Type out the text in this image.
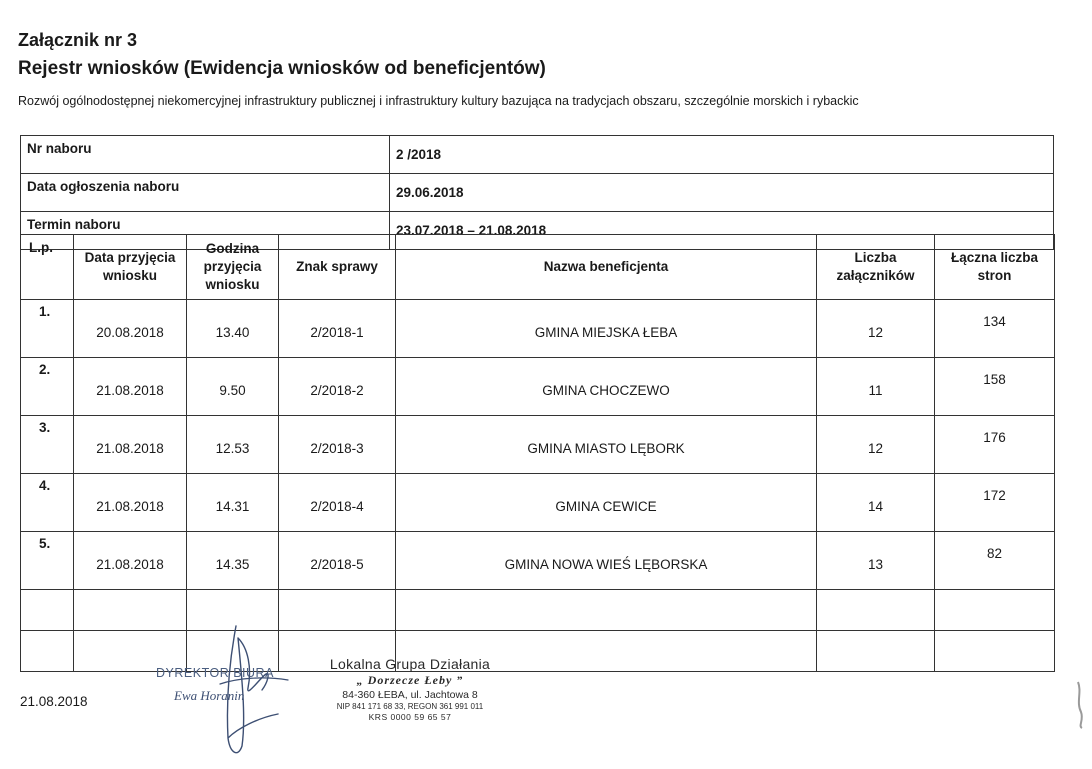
Załącznik nr 3
Rejestr wniosków (Ewidencja wniosków od beneficjentów)
Rozwój ogólnodostępnej niekomercyjnej infrastruktury publicznej i infrastruktury kultury bazująca na tradycjach obszaru, szczególnie morskich i rybackic
Nr naboru	2 /2018
Data ogłoszenia naboru	29.06.2018
Termin naboru	23.07.2018 – 21.08.2018
L.p.	Data przyjęcia wniosku	Godzina przyjęcia wniosku	Znak sprawy	Nazwa beneficjenta	Liczba załączników	Łączna liczba stron
1.	20.08.2018	13.40	2/2018-1	GMINA MIEJSKA ŁEBA	12	134
2.	21.08.2018	9.50	2/2018-2	GMINA CHOCZEWO	11	158
3.	21.08.2018	12.53	2/2018-3	GMINA MIASTO LĘBORK	12	176
4.	21.08.2018	14.31	2/2018-4	GMINA CEWICE	14	172
5.	21.08.2018	14.35	2/2018-5	GMINA NOWA WIEŚ LĘBORSKA	13	82

21.08.2018
DYREKTOR BIURA
Ewa Horanin
Lokalna Grupa Działania
„ Dorzecze Łeby ”
84-360 ŁEBA, ul. Jachtowa 8
NIP 841 171 68 33, REGON 361 991 011
KRS 0000 59 65 57
